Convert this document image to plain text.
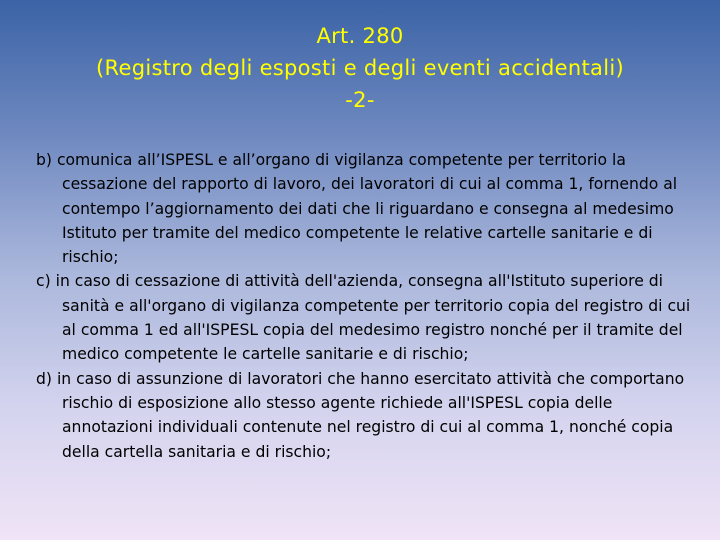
Art. 280
(Registro degli esposti e degli eventi accidentali)
-2-

b) comunica all’ISPESL e all’organo di vigilanza competente per territorio la cessazione del rapporto di lavoro, dei lavoratori di cui al comma 1, fornendo al contempo l’aggiornamento dei dati che li riguardano e consegna al medesimo Istituto per tramite del medico competente le relative cartelle sanitarie e di rischio;

c) in caso di cessazione di attività dell'azienda, consegna all'Istituto superiore di sanità e all'organo di vigilanza competente per territorio copia del registro di cui al comma 1 ed all'ISPESL copia del medesimo registro nonché per il tramite del medico competente le cartelle sanitarie e di rischio;

d) in caso di assunzione di lavoratori che hanno esercitato attività che comportano rischio di esposizione allo stesso agente richiede all'ISPESL copia delle annotazioni individuali contenute nel registro di cui al comma 1, nonché copia della cartella sanitaria e di rischio;
